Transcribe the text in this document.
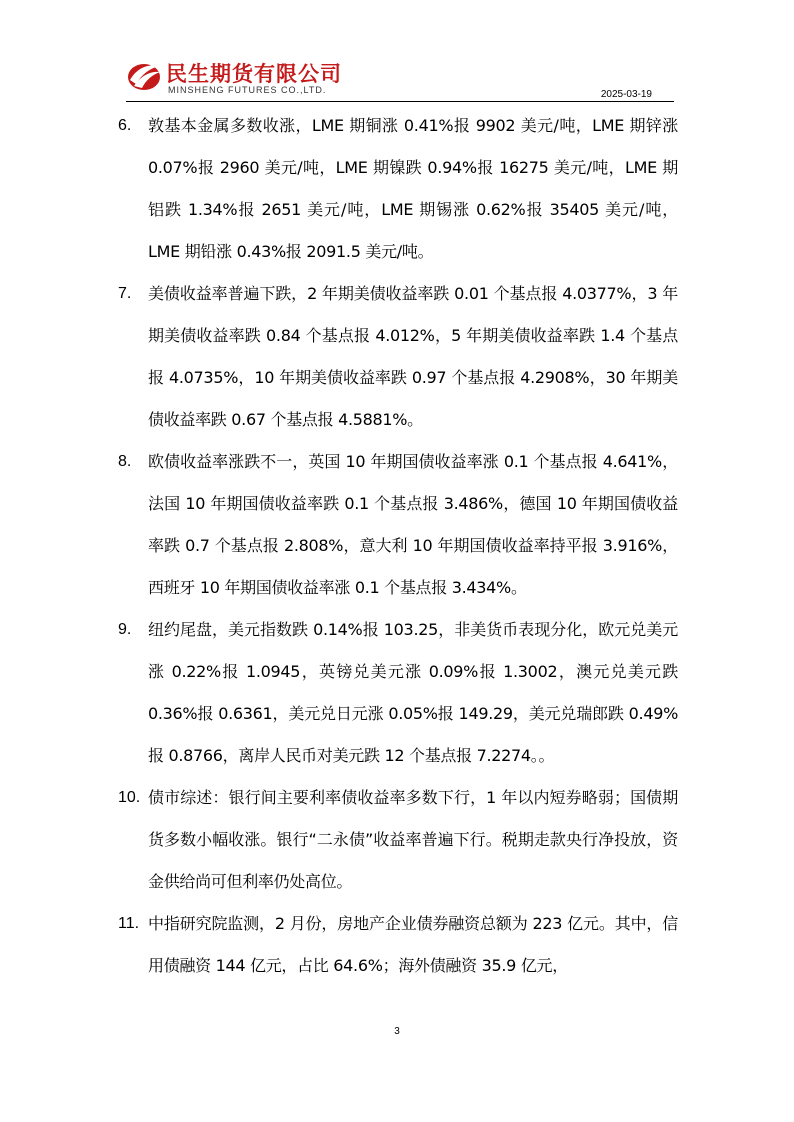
民生期货有限公司
MINSHENG FUTURES CO.,LTD.	2025-03-19
6. 敦基本金属多数收涨，LME 期铜涨 0.41%报 9902 美元/吨，LME 期锌涨 0.07%报 2960 美元/吨，LME 期镍跌 0.94%报 16275 美元/吨，LME 期铝跌 1.34%报 2651 美元/吨，LME 期锡涨 0.62%报 35405 美元/吨，LME 期铅涨 0.43%报 2091.5 美元/吨。
7. 美债收益率普遍下跌，2 年期美债收益率跌 0.01 个基点报 4.0377%，3 年期美债收益率跌 0.84 个基点报 4.012%，5 年期美债收益率跌 1.4 个基点报 4.0735%，10 年期美债收益率跌 0.97 个基点报 4.2908%，30 年期美债收益率跌 0.67 个基点报 4.5881%。
8. 欧债收益率涨跌不一，英国 10 年期国债收益率涨 0.1 个基点报 4.641%，法国 10 年期国债收益率跌 0.1 个基点报 3.486%，德国 10 年期国债收益率跌 0.7 个基点报 2.808%，意大利 10 年期国债收益率持平报 3.916%，西班牙 10 年期国债收益率涨 0.1 个基点报 3.434%。
9. 纽约尾盘，美元指数跌 0.14%报 103.25，非美货币表现分化，欧元兑美元涨 0.22%报 1.0945，英镑兑美元涨 0.09%报 1.3002，澳元兑美元跌 0.36%报 0.6361，美元兑日元涨 0.05%报 149.29，美元兑瑞郎跌 0.49%报 0.8766，离岸人民币对美元跌 12 个基点报 7.2274。。
10. 债市综述：银行间主要利率债收益率多数下行，1 年以内短券略弱；国债期货多数小幅收涨。银行“二永债”收益率普遍下行。税期走款央行净投放，资金供给尚可但利率仍处高位。
11. 中指研究院监测，2 月份，房地产企业债券融资总额为 223 亿元。其中，信用债融资 144 亿元，占比 64.6%；海外债融资 35.9 亿元，
3
